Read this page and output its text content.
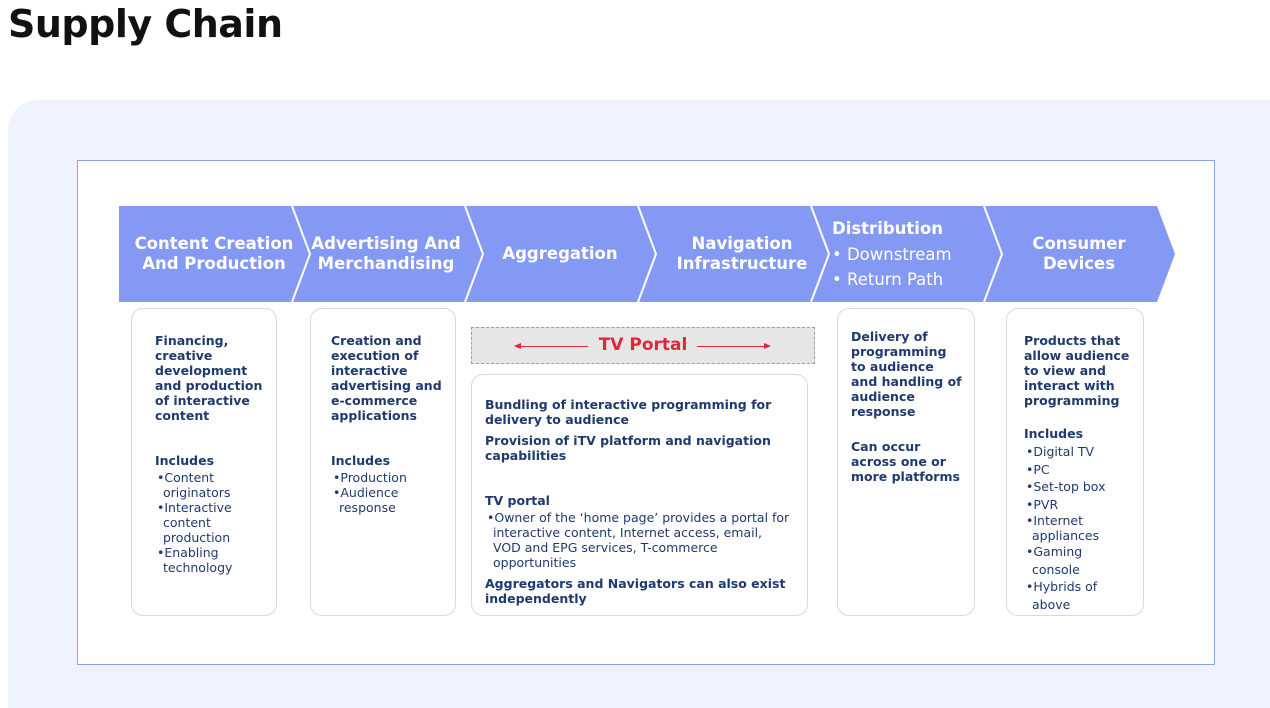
Supply Chain
Content Creation
And Production
Advertising And
Merchandising
Aggregation
Navigation
Infrastructure
Distribution
• Downstream
• Return Path
Consumer
Devices
Financing, creative development and production of interactive content
Includes
•Content originators
•Interactive content production
•Enabling technology
Creation and execution of interactive advertising and e-commerce applications
Includes
•Production
•Audience response
TV Portal
Bundling of interactive programming for delivery to audience
Provision of iTV platform and navigation capabilities
TV portal
•Owner of the ‘home page’ provides a portal for interactive content, Internet access, email, VOD and EPG services, T-commerce opportunities
Aggregators and Navigators can also exist independently
Delivery of programming to audience and handling of audience response
Can occur across one or more platforms
Products that allow audience to view and interact with programming
Includes
•Digital TV
•PC
•Set-top box
•PVR
•Internet appliances
•Gaming console
•Hybrids of above
